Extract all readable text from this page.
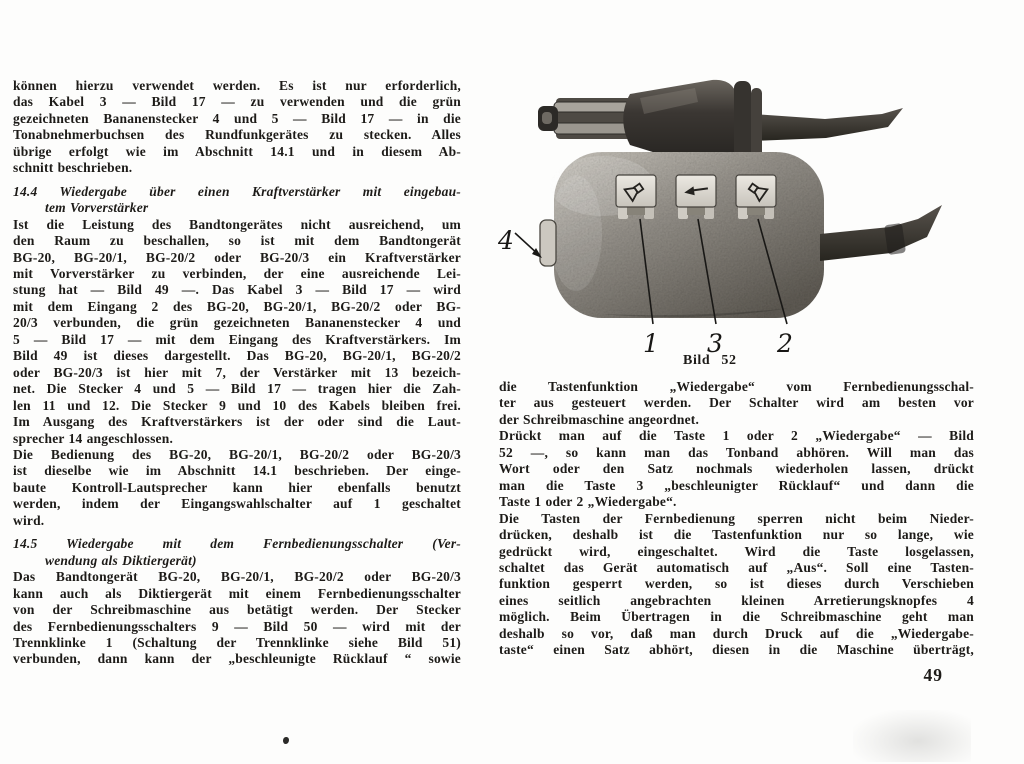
können hierzu verwendet werden. Es ist nur erforderlich,
das Kabel 3 — Bild 17 — zu verwenden und die grün
gezeichneten Bananenstecker 4 und 5 — Bild 17 — in die
Tonabnehmerbuchsen des Rundfunkgerätes zu stecken. Alles
übrige erfolgt wie im Abschnitt 14.1 und in diesem Ab-
schnitt beschrieben.
14.4 Wiedergabe über einen Kraftverstärker mit eingebau-
tem Vorverstärker
Ist die Leistung des Bandtongerätes nicht ausreichend, um
den Raum zu beschallen, so ist mit dem Bandtongerät
BG-20, BG-20/1, BG-20/2 oder BG-20/3 ein Kraftverstärker
mit Vorverstärker zu verbinden, der eine ausreichende Lei-
stung hat — Bild 49 —. Das Kabel 3 — Bild 17 — wird
mit dem Eingang 2 des BG-20, BG-20/1, BG-20/2 oder BG-
20/3 verbunden, die grün gezeichneten Bananenstecker 4 und
5 — Bild 17 — mit dem Eingang des Kraftverstärkers. Im
Bild 49 ist dieses dargestellt. Das BG-20, BG-20/1, BG-20/2
oder BG-20/3 ist hier mit 7, der Verstärker mit 13 bezeich-
net. Die Stecker 4 und 5 — Bild 17 — tragen hier die Zah-
len 11 und 12. Die Stecker 9 und 10 des Kabels bleiben frei.
Im Ausgang des Kraftverstärkers ist der oder sind die Laut-
sprecher 14 angeschlossen.
Die Bedienung des BG-20, BG-20/1, BG-20/2 oder BG-20/3
ist dieselbe wie im Abschnitt 14.1 beschrieben. Der einge-
baute Kontroll-Lautsprecher kann hier ebenfalls benutzt
werden, indem der Eingangswahlschalter auf 1 geschaltet
wird.
14.5 Wiedergabe mit dem Fernbedienungsschalter (Ver-
wendung als Diktiergerät)
Das Bandtongerät BG-20, BG-20/1, BG-20/2 oder BG-20/3
kann auch als Diktiergerät mit einem Fernbedienungsschalter
von der Schreibmaschine aus betätigt werden. Der Stecker
des Fernbedienungsschalters 9 — Bild 50 — wird mit der
Trennklinke 1 (Schaltung der Trennklinke siehe Bild 51)
verbunden, dann kann der „beschleunigte Rücklauf “ sowie
4
1 3 2
Bild 52
die Tastenfunktion „Wiedergabe“ vom Fernbedienungsschal-
ter aus gesteuert werden. Der Schalter wird am besten vor
der Schreibmaschine angeordnet.
Drückt man auf die Taste 1 oder 2 „Wiedergabe“ — Bild
52 —, so kann man das Tonband abhören. Will man das
Wort oder den Satz nochmals wiederholen lassen, drückt
man die Taste 3 „beschleunigter Rücklauf“ und dann die
Taste 1 oder 2 „Wiedergabe“.
Die Tasten der Fernbedienung sperren nicht beim Nieder-
drücken, deshalb ist die Tastenfunktion nur so lange, wie
gedrückt wird, eingeschaltet. Wird die Taste losgelassen,
schaltet das Gerät automatisch auf „Aus“. Soll eine Tasten-
funktion gesperrt werden, so ist dieses durch Verschieben
eines seitlich angebrachten kleinen Arretierungsknopfes 4
möglich. Beim Übertragen in die Schreibmaschine geht man
deshalb so vor, daß man durch Druck auf die „Wiedergabe-
taste“ einen Satz abhört, diesen in die Maschine überträgt,
49
